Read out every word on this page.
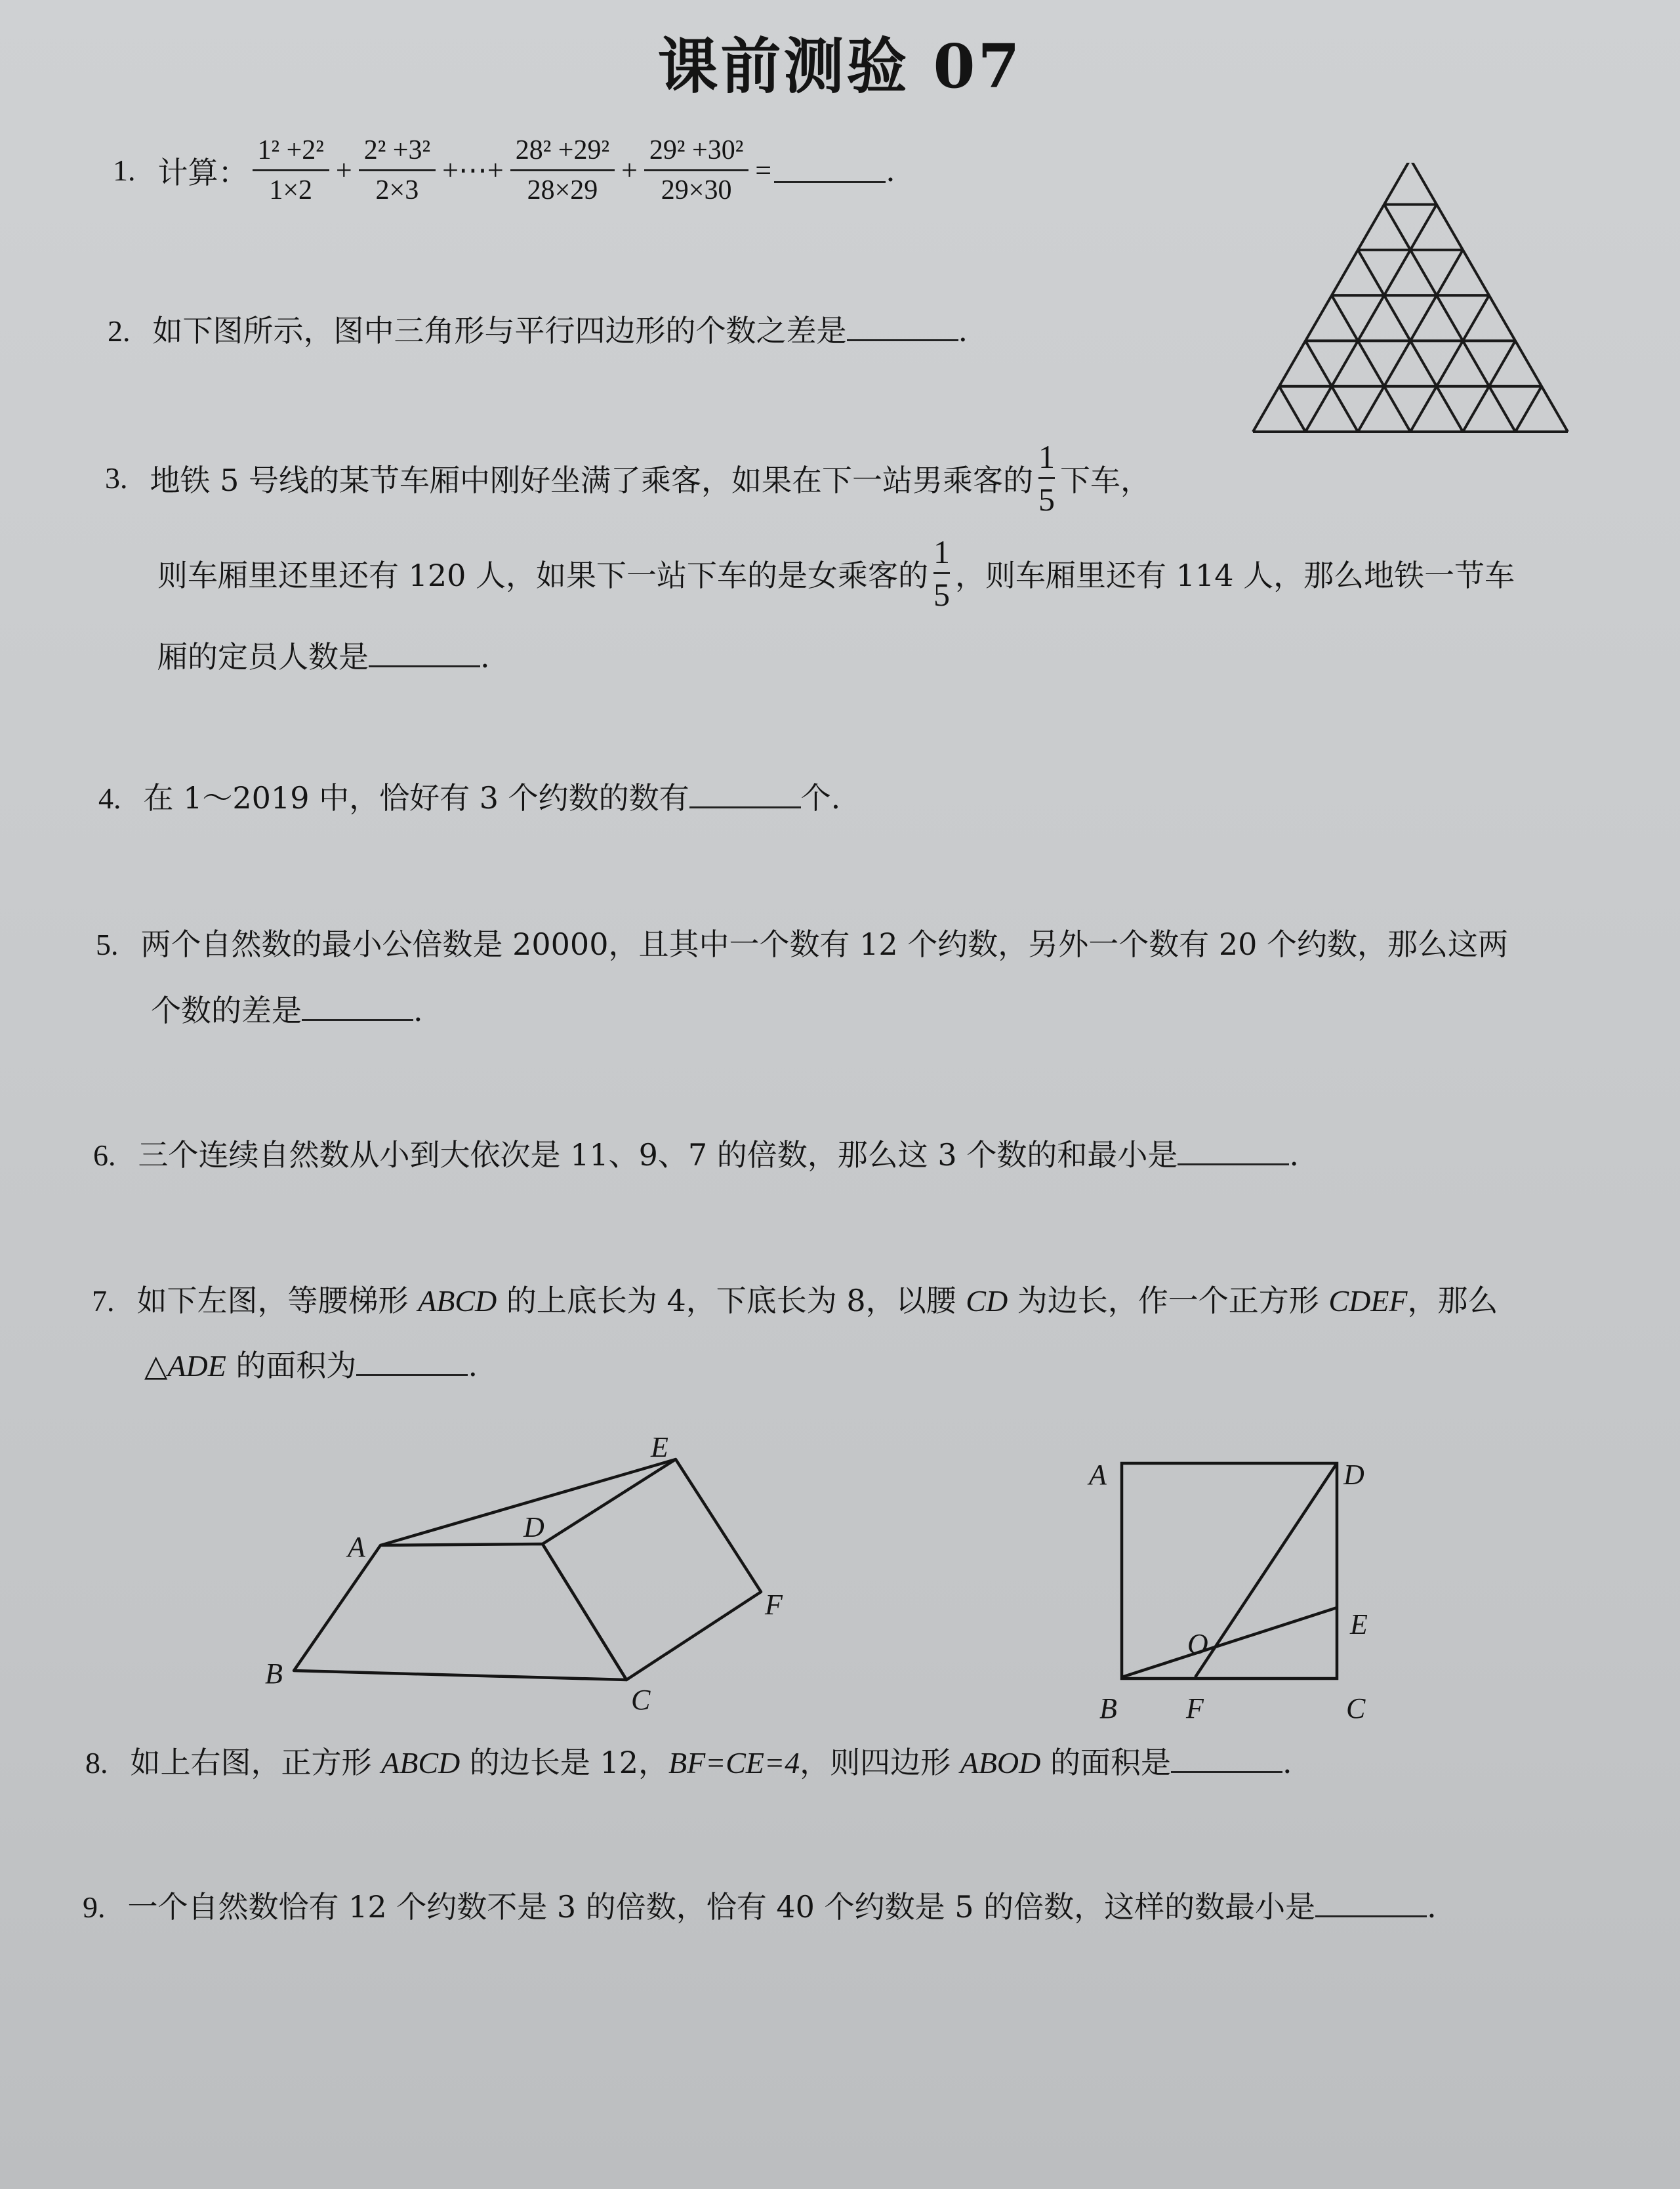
课前测验 07
1. 计算： $\frac{\text{1² +2²}}{1\times 2} + \frac{\text{2² +3²}}{2\times 3}$ +⋯+ $\frac{\text{28² +29²}}{28\times 29} + \frac{\text{29² +30²}}{29\times 30}$ =	.
2. 如下图所示，图中三角形与平行四边形的个数之差是	.
3. 地铁 5 号线的某节车厢中刚好坐满了乘客，如果在下一站男乘客的
1
5
下车，
则车厢里还里还有 120 人，如果下一站下车的是女乘客的
1
5
，则车厢里还有 114 人，那么地铁一节车
厢的定员人数是	.
4. 在 1～2019 中，恰好有 3 个约数的数有	个.
5. 两个自然数的最小公倍数是 20000，且其中一个数有 12 个约数，另外一个数有 20 个约数，那么这两
个数的差是	.
6. 三个连续自然数从小到大依次是 11、9、7 的倍数，那么这 3 个数的和最小是	.
7. 如下左图，等腰梯形 ABCD 的上底长为 4，下底长为 8，以腰 CD 为边长，作一个正方形 CDEF，那么
△ADE 的面积为	.
A
B
C
D
E
F
A
B	C
D
E
F
O
8. 如上右图，正方形 ABCD 的边长是 12，BF=CE=4，则四边形 ABOD 的面积是	.
9. 一个自然数恰有 12 个约数不是 3 的倍数，恰有 40 个约数是 5 的倍数，这样的数最小是	.
